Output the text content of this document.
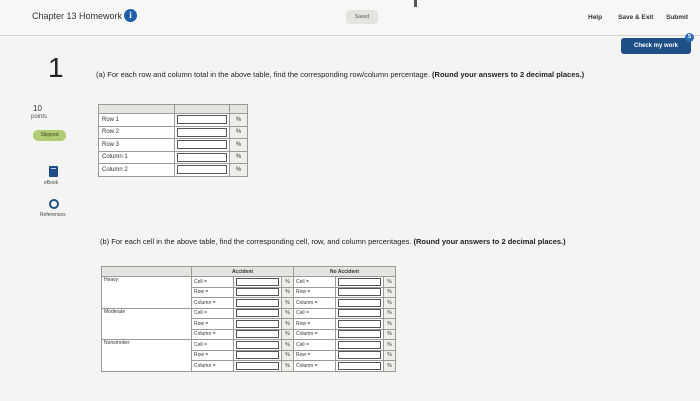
Chapter 13 Homework i	Saved	Help Save & Exit Submit
Check my work
5
1
10
points
Skipped
eBook
References
(a) For each row and column total in the above table, find the corresponding row/column percentage. (Round your answers to 2 decimal places.)

Row 1		%
Row 2		%
Row 3		%
Column 1		%
Column 2		%
(b) For each cell in the above table, find the corresponding cell, row, and column percentages. (Round your answers to 2 decimal places.)
	Accident			No Accident		
Heavy	Cell =		%	Cell =		%
	Row =		%	Row =		%
	Column =		%	Column =		%
Moderate	Cell =		%	Cell =		%
	Row =		%	Row =		%
	Column =		%	Column =		%
Nonsmoker	Cell =		%	Cell =		%
	Row =		%	Row =		%
	Column =		%	Column =		%
